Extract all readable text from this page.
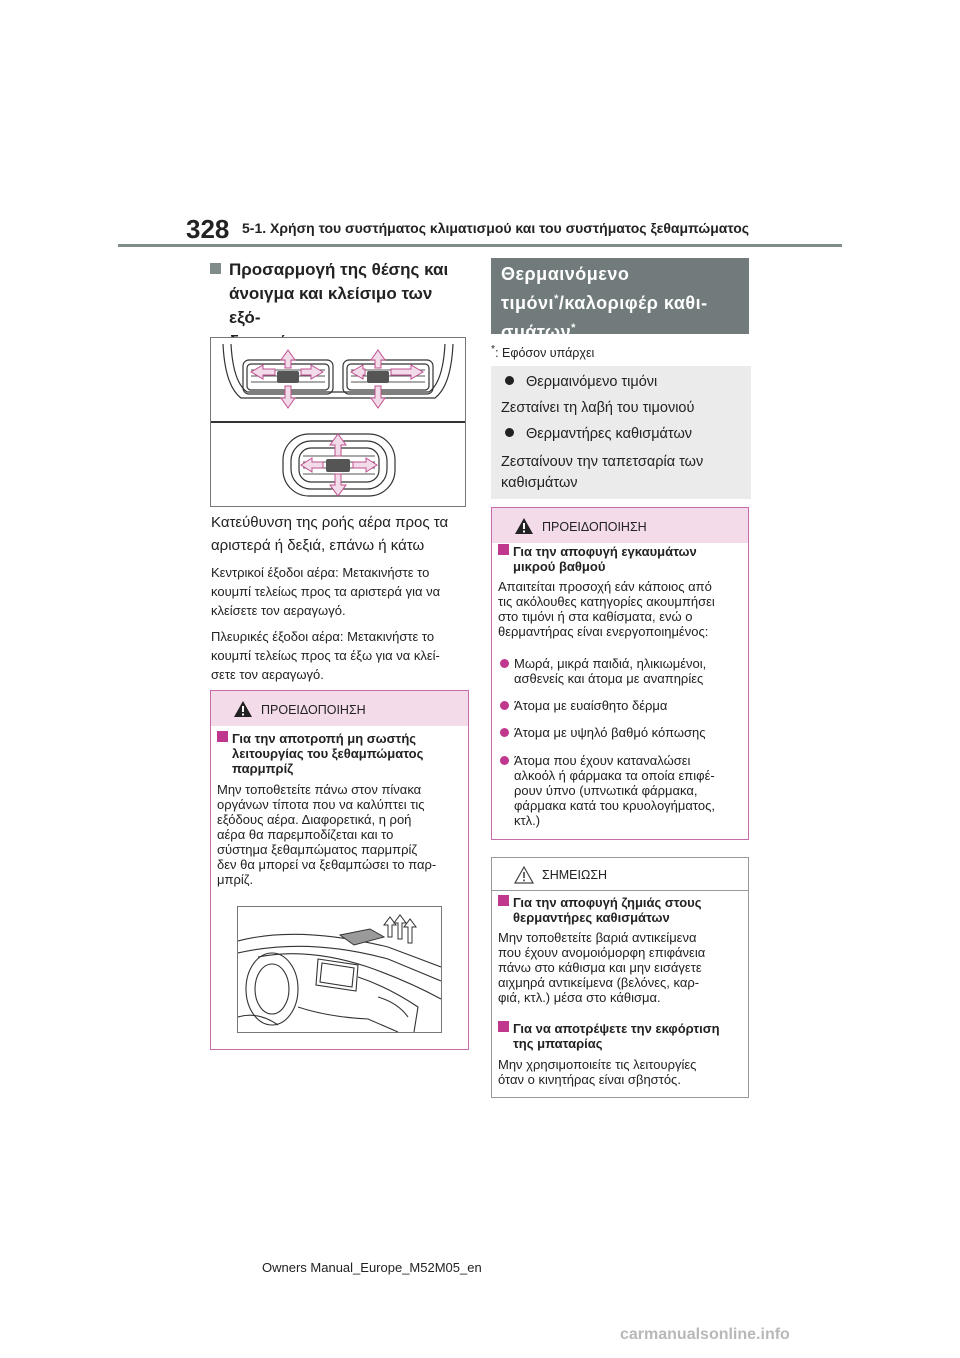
328 5-1. Χρήση του συστήματος κλιματισμού και του συστήματος ξεθαμπώματος
Προσαρμογή της θέσης και
άνοιγμα και κλείσιμο των εξό-
Κατεύθυνση της ροής αέρα προς τα
αριστερά ή δεξιά, επάνω ή κάτω
Κεντρικοί έξοδοι αέρα: Μετακινήστε το
κουμπί τελείως προς τα αριστερά για να
κλείσετε τον αεραγωγό.
Πλευρικές έξοδοι αέρα: Μετακινήστε το
κουμπί τελείως προς τα έξω για να κλεί-
σετε τον αεραγωγό.
ΠΡΟΕΙΔΟΠΟΙΗΣΗ
Για την αποτροπή μη σωστής
λειτουργίας του ξεθαμπώματος
παρμπρίζ
Μην τοποθετείτε πάνω στον πίνακα
οργάνων τίποτα που να καλύπτει τις
εξόδους αέρα. Διαφορετικά, η ροή
αέρα θα παρεμποδίζεται και το
σύστημα ξεθαμπώματος παρμπρίζ
δεν θα μπορεί να ξεθαμπώσει το παρ-
μπρίζ.
Θερμαινόμενο
τιμόνι*/καλοριφέρ καθι-
σμάτων*
*: Εφόσον υπάρχει
Θερμαινόμενο τιμόνι
Ζεσταίνει τη λαβή του τιμονιού
Θερμαντήρες καθισμάτων
Ζεσταίνουν την ταπετσαρία των
καθισμάτων
ΠΡΟΕΙΔΟΠΟΙΗΣΗ
Για την αποφυγή εγκαυμάτων
μικρού βαθμού
Απαιτείται προσοχή εάν κάποιος από
τις ακόλουθες κατηγορίες ακουμπήσει
στο τιμόνι ή στα καθίσματα, ενώ ο
θερμαντήρας είναι ενεργοποιημένος:
Μωρά, μικρά παιδιά, ηλικιωμένοι,
ασθενείς και άτομα με αναπηρίες
Άτομα με ευαίσθητο δέρμα
Άτομα με υψηλό βαθμό κόπωσης
Άτομα που έχουν καταναλώσει
αλκοόλ ή φάρμακα τα οποία επιφέ-
ρουν ύπνο (υπνωτικά φάρμακα,
φάρμακα κατά του κρυολογήματος,
κτλ.)
ΣΗΜΕΙΩΣΗ
Για την αποφυγή ζημιάς στους
θερμαντήρες καθισμάτων
Μην τοποθετείτε βαριά αντικείμενα
που έχουν ανομοιόμορφη επιφάνεια
πάνω στο κάθισμα και μην εισάγετε
αιχμηρά αντικείμενα (βελόνες, καρ-
φιά, κτλ.) μέσα στο κάθισμα.
Για να αποτρέψετε την εκφόρτιση
της μπαταρίας
Μην χρησιμοποιείτε τις λειτουργίες
όταν ο κινητήρας είναι σβηστός.
Owners Manual_Europe_M52M05_en
carmanualsonline.info
